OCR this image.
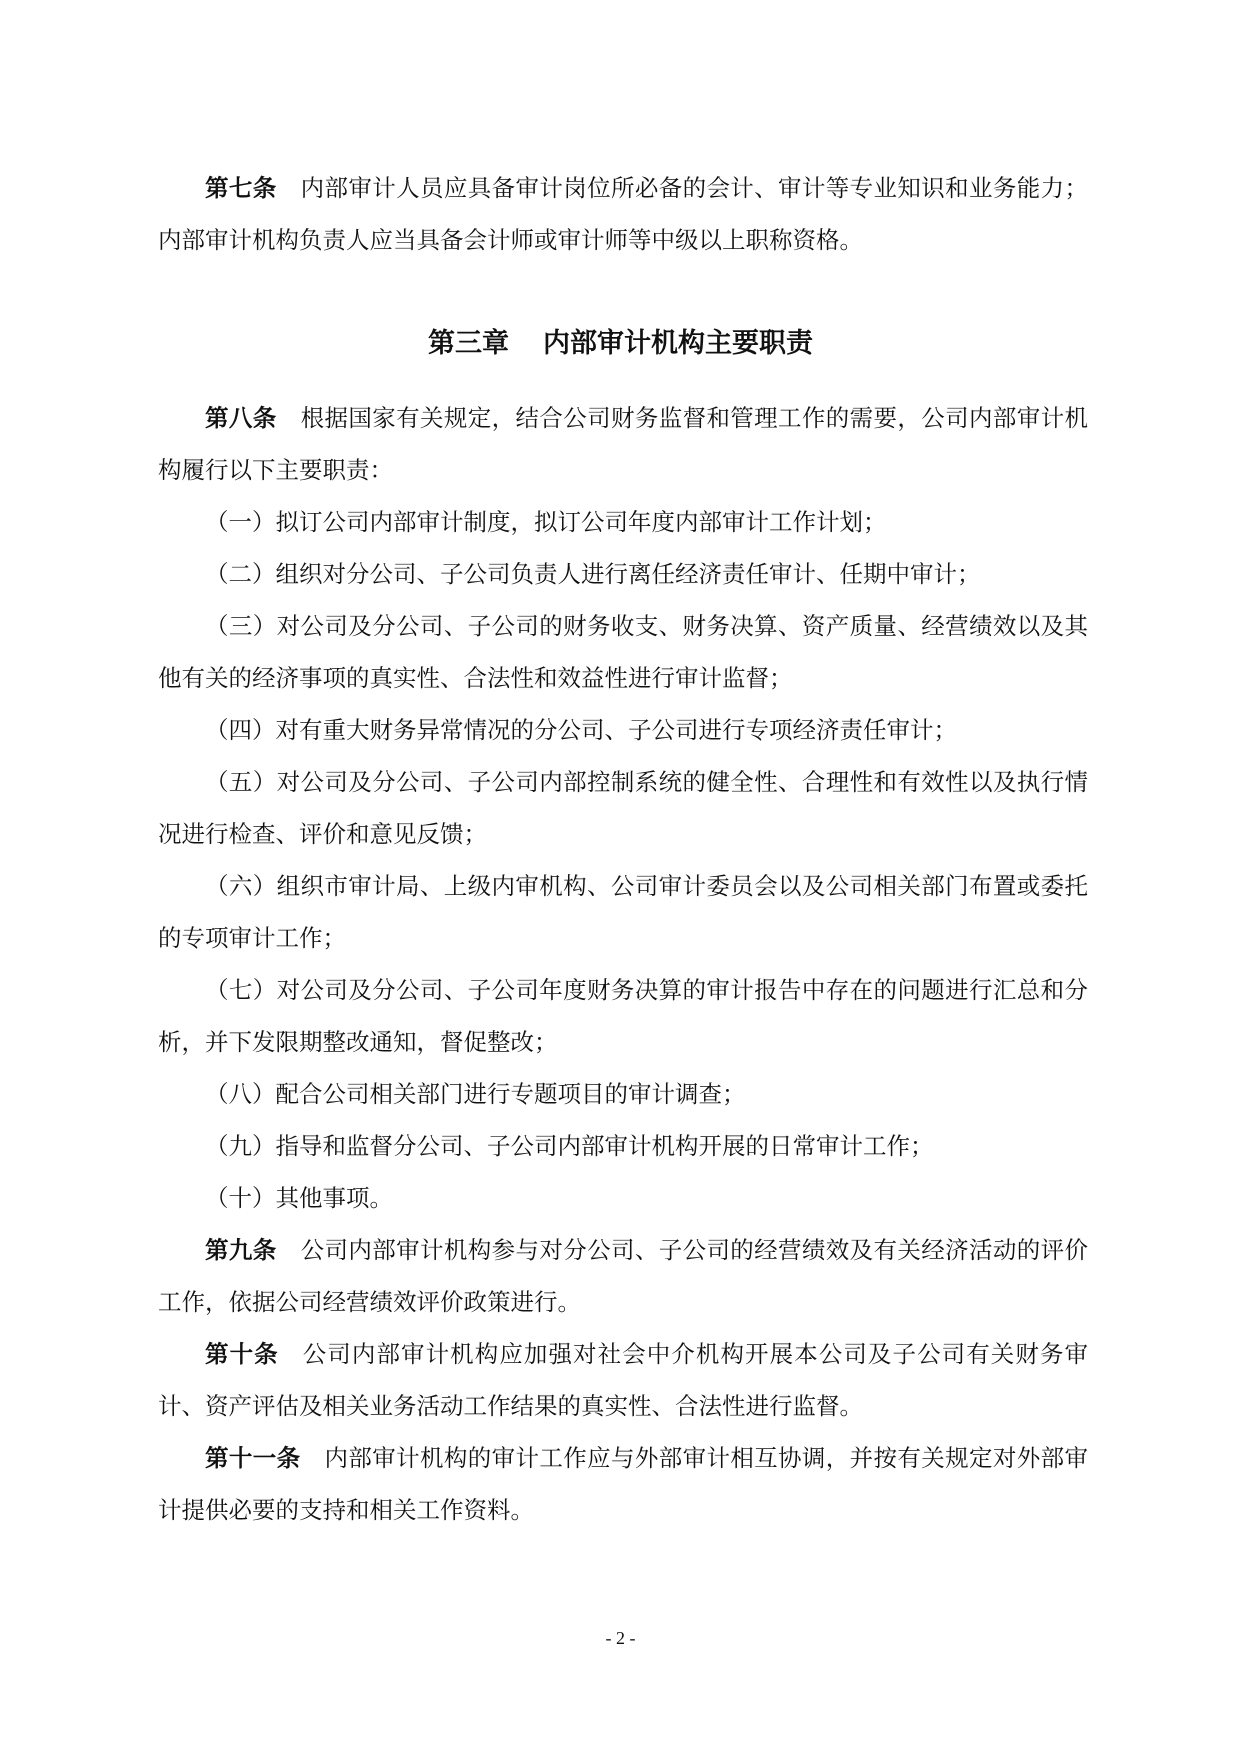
第七条 内部审计人员应具备审计岗位所必备的会计、审计等专业知识和业务能力；内部审计机构负责人应当具备会计师或审计师等中级以上职称资格。

第三章 内部审计机构主要职责

第八条 根据国家有关规定，结合公司财务监督和管理工作的需要，公司内部审计机构履行以下主要职责：

（一）拟订公司内部审计制度，拟订公司年度内部审计工作计划；

（二）组织对分公司、子公司负责人进行离任经济责任审计、任期中审计；

（三）对公司及分公司、子公司的财务收支、财务决算、资产质量、经营绩效以及其他有关的经济事项的真实性、合法性和效益性进行审计监督；

（四）对有重大财务异常情况的分公司、子公司进行专项经济责任审计；

（五）对公司及分公司、子公司内部控制系统的健全性、合理性和有效性以及执行情况进行检查、评价和意见反馈；

（六）组织市审计局、上级内审机构、公司审计委员会以及公司相关部门布置或委托的专项审计工作；

（七）对公司及分公司、子公司年度财务决算的审计报告中存在的问题进行汇总和分析，并下发限期整改通知，督促整改；

（八）配合公司相关部门进行专题项目的审计调查；

（九）指导和监督分公司、子公司内部审计机构开展的日常审计工作；

（十）其他事项。

第九条 公司内部审计机构参与对分公司、子公司的经营绩效及有关经济活动的评价工作，依据公司经营绩效评价政策进行。

第十条 公司内部审计机构应加强对社会中介机构开展本公司及子公司有关财务审计、资产评估及相关业务活动工作结果的真实性、合法性进行监督。

第十一条 内部审计机构的审计工作应与外部审计相互协调，并按有关规定对外部审计提供必要的支持和相关工作资料。

- 2 -
